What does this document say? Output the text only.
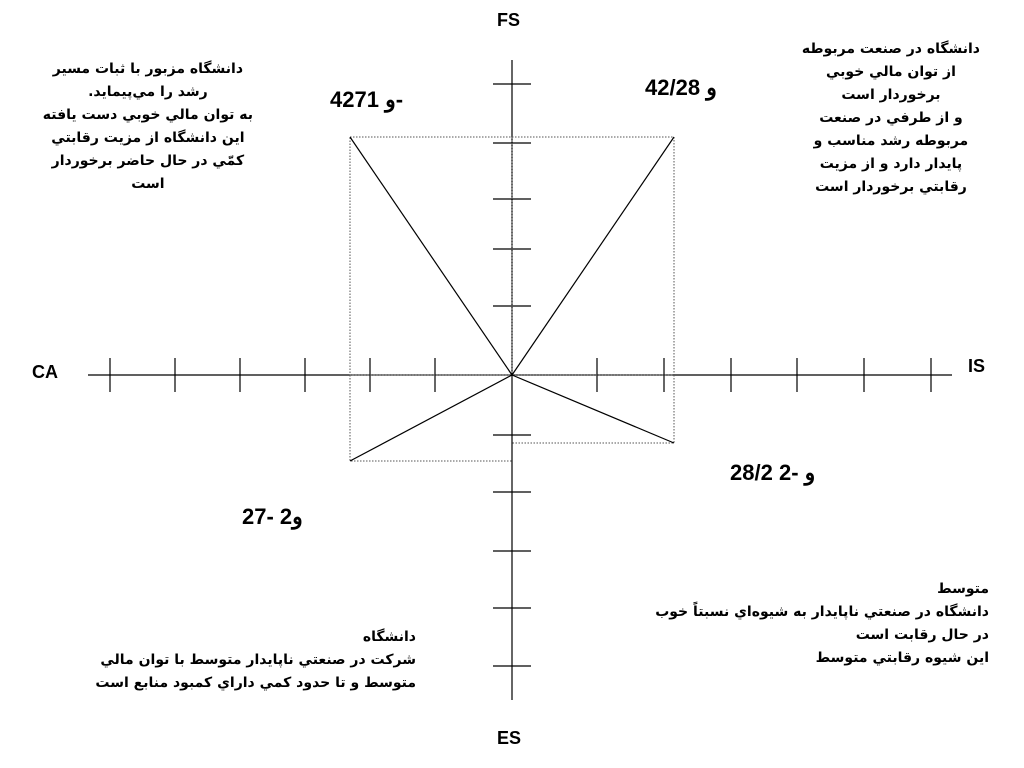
FS
ES
CA	IS
4و 2/28
4و 271-
27- و2
28/2 و -2
دانشگاه در صنعت مربوطه
از توان مالي خوبي
برخوردار است
و از طرفي در صنعت
مربوطه رشد مناسب و
پايدار دارد و از مزيت
رقابتي برخوردار است
دانشگاه مزبور با ثبات مسير
رشد را مي‌پيمايد.
به توان مالي خوبي دست يافته
اين دانشگاه از مزيت رقابتي
كمّي در حال حاضر برخوردار
است
دانشگاه
شركت در صنعتي ناپايدار متوسط با توان مالي
متوسط و تا حدود كمي داراي كمبود منابع است
متوسط
دانشگاه در صنعتي ناپايدار به شيوه‌اي نسبتاً خوب
در حال رقابت است
اين شيوه رقابتي متوسط
